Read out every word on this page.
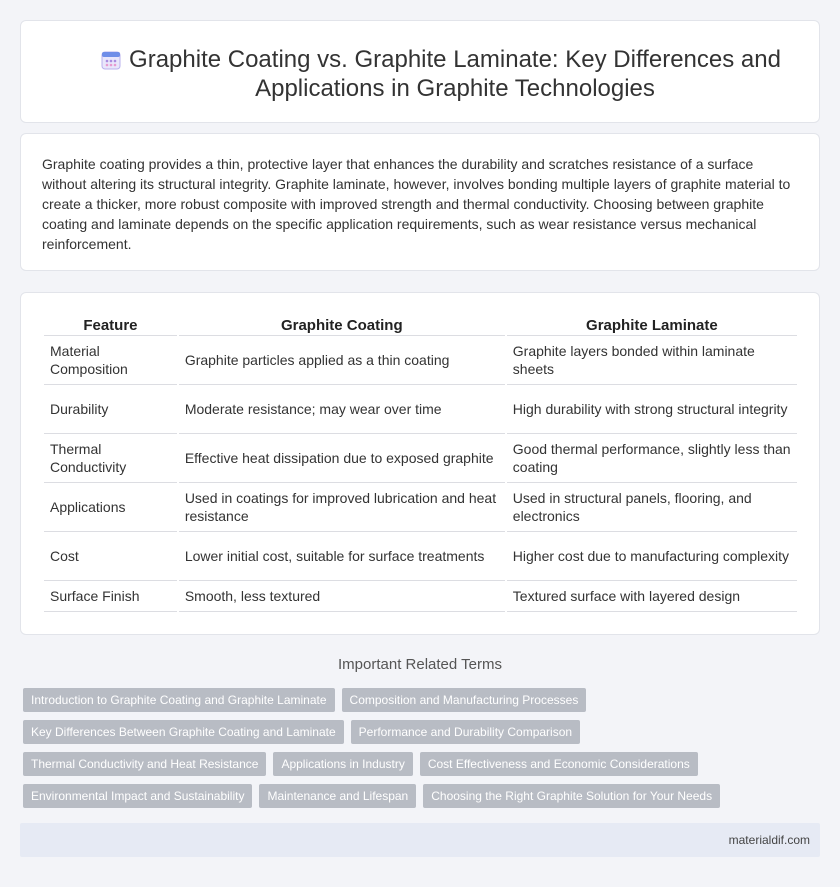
Graphite Coating vs. Graphite Laminate: Key Differences and Applications in Graphite Technologies

Graphite coating provides a thin, protective layer that enhances the durability and scratches resistance of a surface without altering its structural integrity. Graphite laminate, however, involves bonding multiple layers of graphite material to create a thicker, more robust composite with improved strength and thermal conductivity. Choosing between graphite coating and laminate depends on the specific application requirements, such as wear resistance versus mechanical reinforcement.

Feature	Graphite Coating	Graphite Laminate
Material Composition	Graphite particles applied as a thin coating	Graphite layers bonded within laminate sheets
Durability	Moderate resistance; may wear over time	High durability with strong structural integrity
Thermal Conductivity	Effective heat dissipation due to exposed graphite	Good thermal performance, slightly less than coating
Applications	Used in coatings for improved lubrication and heat resistance	Used in structural panels, flooring, and electronics
Cost	Lower initial cost, suitable for surface treatments	Higher cost due to manufacturing complexity
Surface Finish	Smooth, less textured	Textured surface with layered design
Important Related Terms
Introduction to Graphite Coating and Graphite Laminate	Composition and Manufacturing Processes
Key Differences Between Graphite Coating and Laminate	Performance and Durability Comparison
Thermal Conductivity and Heat Resistance	Applications in Industry	Cost Effectiveness and Economic Considerations
Environmental Impact and Sustainability	Maintenance and Lifespan	Choosing the Right Graphite Solution for Your Needs
materialdif.com
